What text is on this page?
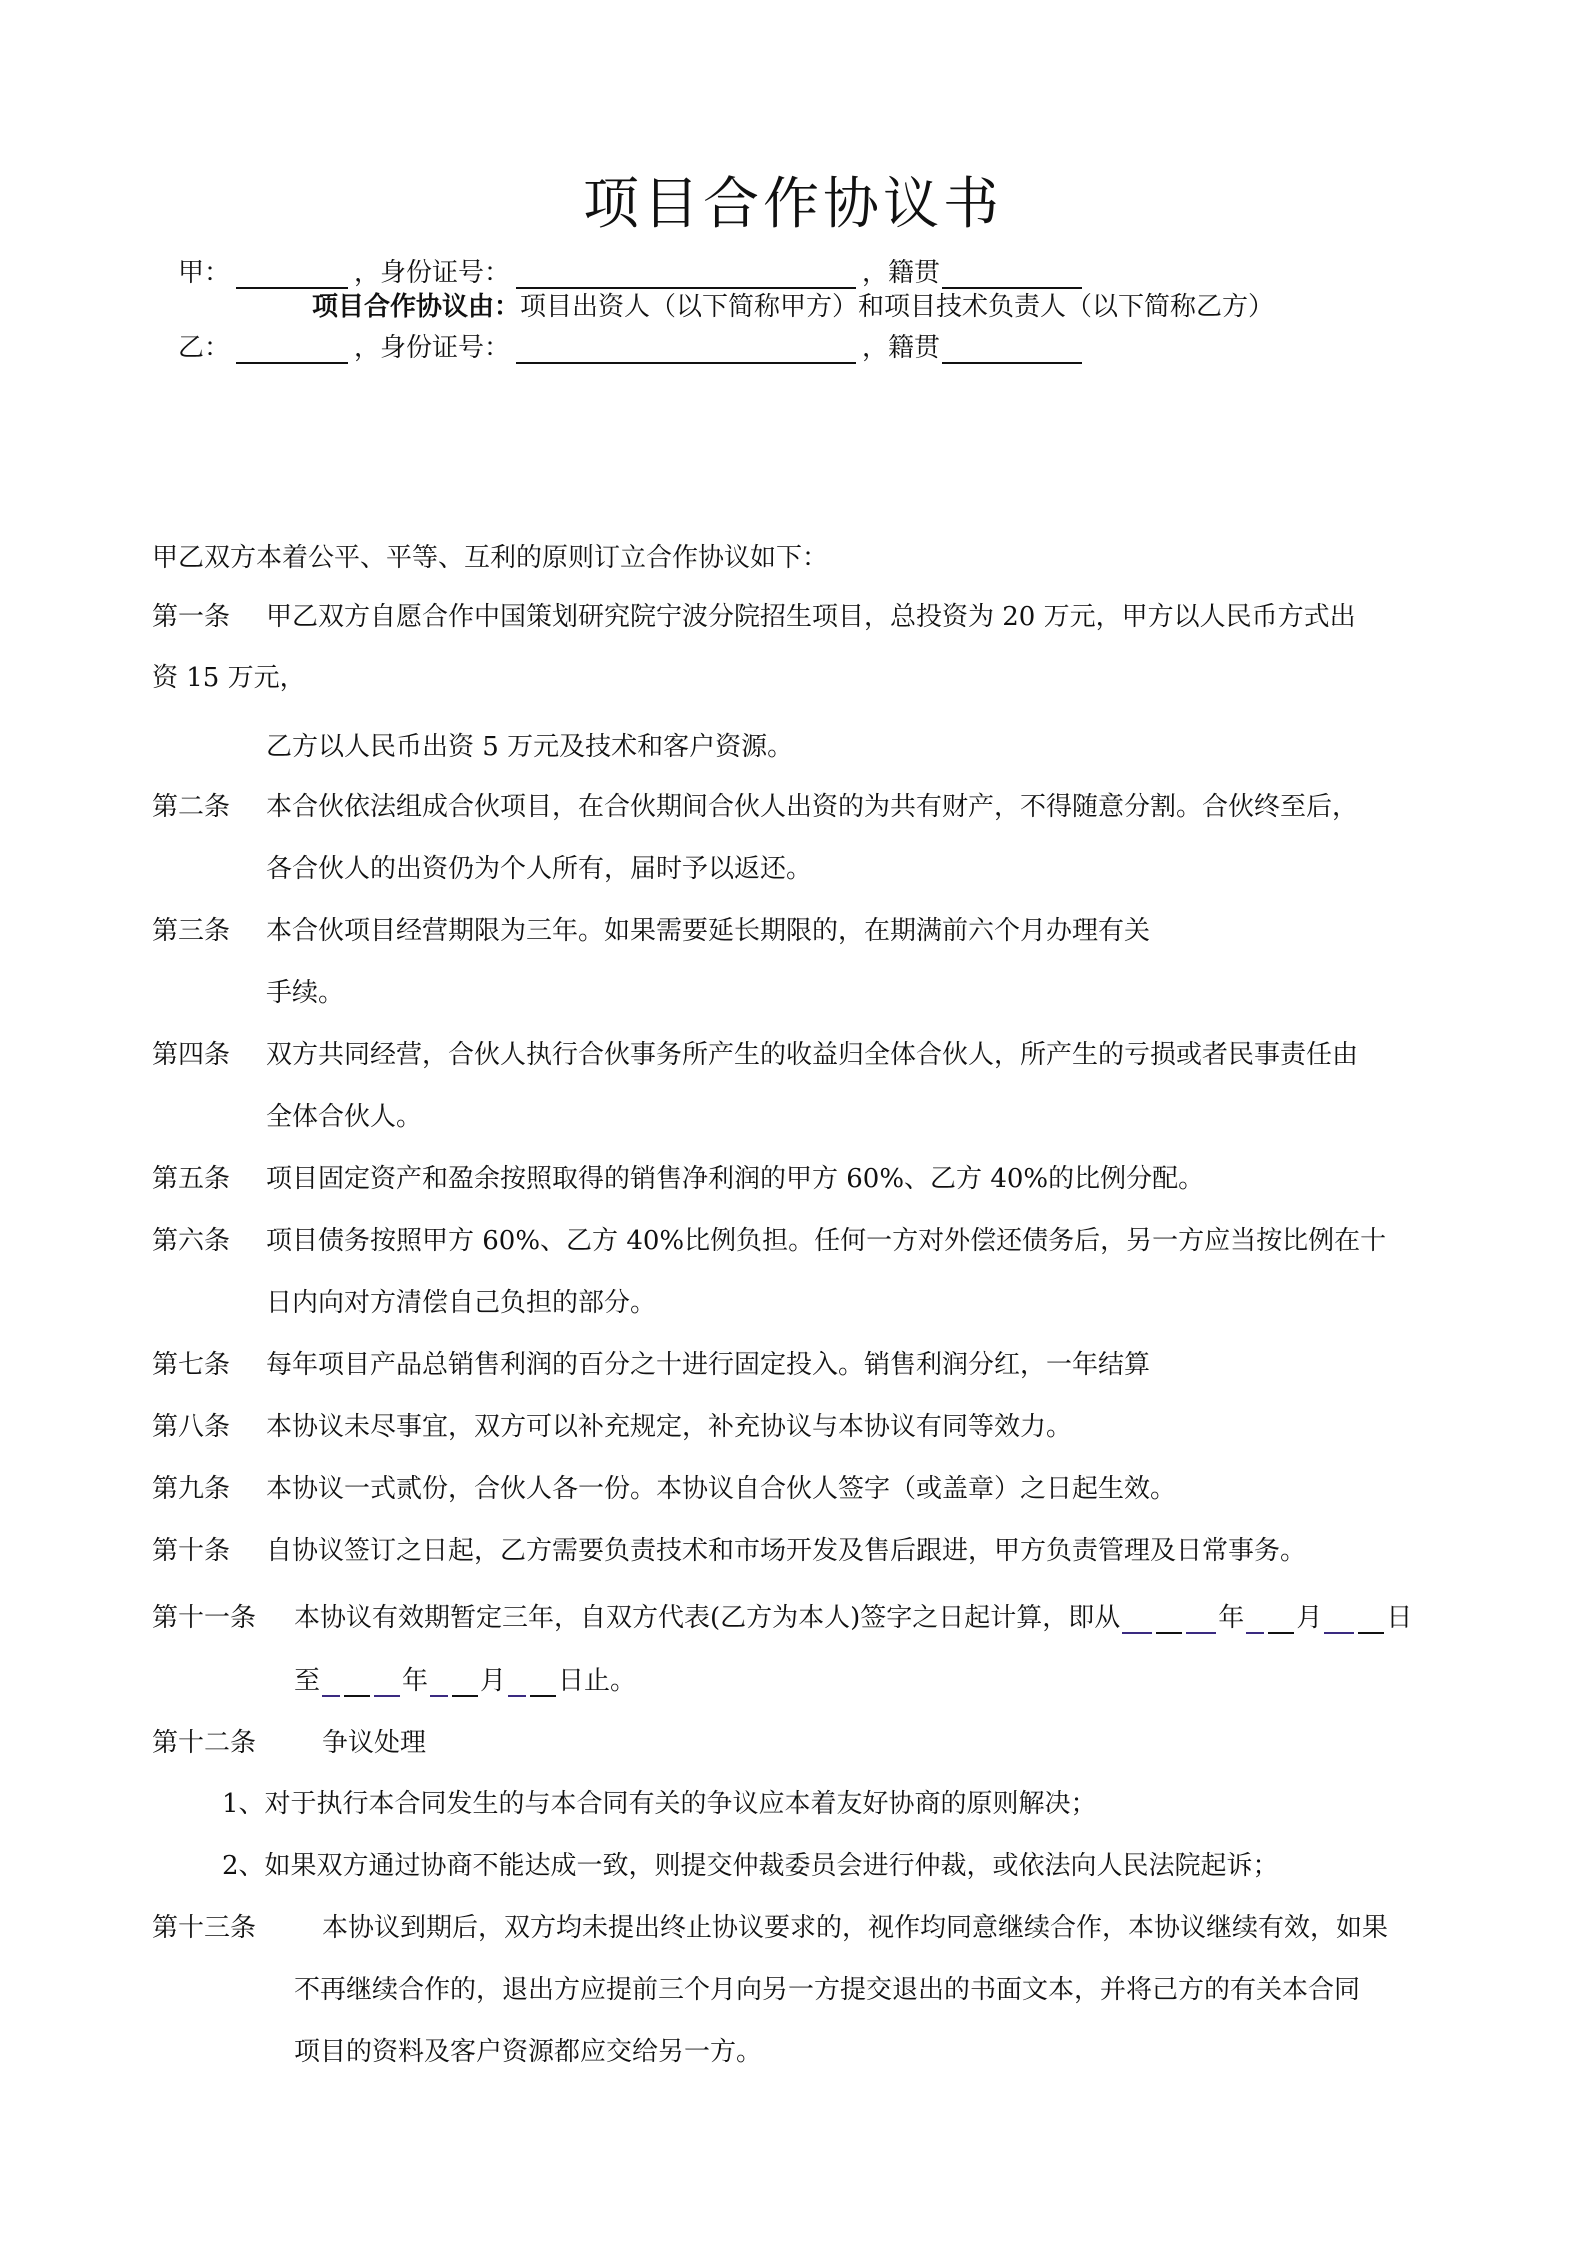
项目合作协议书
项目合作协议由：项目出资人（以下简称甲方）和项目技术负责人（以下简称乙方）
甲：	，身份证号：	，籍贯
乙：	，身份证号：	，籍贯
甲乙双方本着公平、平等、互利的原则订立合作协议如下：
第一条	甲乙双方自愿合作中国策划研究院宁波分院招生项目，总投资为 20 万元，甲方以人民币方式出
资 15 万元，
乙方以人民币出资 5 万元及技术和客户资源。
第二条	本合伙依法组成合伙项目，在合伙期间合伙人出资的为共有财产，不得随意分割。合伙终至后，
各合伙人的出资仍为个人所有，届时予以返还。
第三条	本合伙项目经营期限为三年。如果需要延长期限的，在期满前六个月办理有关
手续。
第四条	双方共同经营，合伙人执行合伙事务所产生的收益归全体合伙人，所产生的亏损或者民事责任由
全体合伙人。
第五条	项目固定资产和盈余按照取得的销售净利润的甲方 60%、乙方 40%的比例分配。
第六条	项目债务按照甲方 60%、乙方 40%比例负担。任何一方对外偿还债务后，另一方应当按比例在十
日内向对方清偿自己负担的部分。
第七条	每年项目产品总销售利润的百分之十进行固定投入。销售利润分红，一年结算
第八条	本协议未尽事宜，双方可以补充规定，补充协议与本协议有同等效力。
第九条	本协议一式贰份，合伙人各一份。本协议自合伙人签字（或盖章）之日起生效。
第十条	自协议签订之日起，乙方需要负责技术和市场开发及售后跟进，甲方负责管理及日常事务。
第十一条	本协议有效期暂定三年，自双方代表(乙方为本人)签字之日起计算，即从

	年

月

日
至

	年

月

日止。
第十二条	争议处理
1、对于执行本合同发生的与本合同有关的争议应本着友好协商的原则解决；
2、如果双方通过协商不能达成一致，则提交仲裁委员会进行仲裁，或依法向人民法院起诉；
第十三条	本协议到期后，双方均未提出终止协议要求的，视作均同意继续合作，本协议继续有效，如果
不再继续合作的，退出方应提前三个月向另一方提交退出的书面文本，并将己方的有关本合同
项目的资料及客户资源都应交给另一方。
